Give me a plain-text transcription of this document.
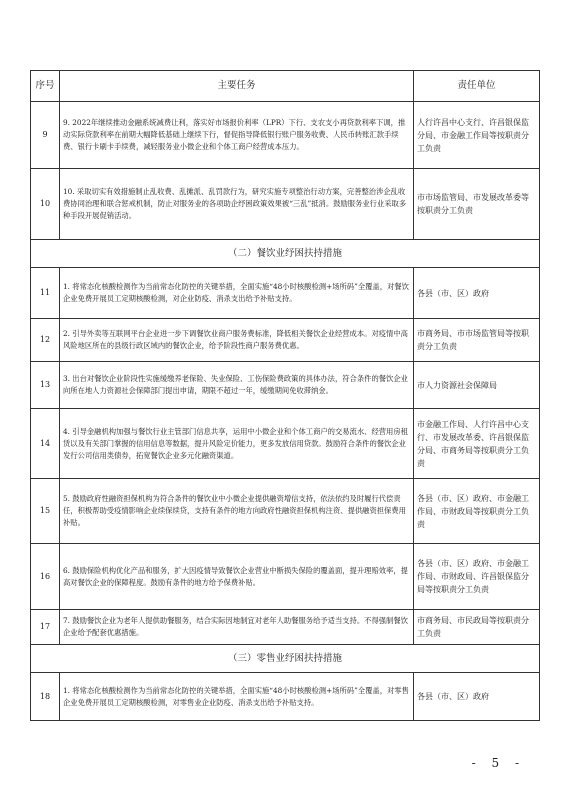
序号	主要任务	责任单位
9	9. 2022年继续推动金融系统减费让利，落实好市场报价利率（LPR）下行、支农支小再贷款利率下调，推动实际贷款利率在前期大幅降低基础上继续下行，督促指导降低银行账户服务收费、人民币转账汇款手续费、银行卡刷卡手续费，减轻服务业小微企业和个体工商户经营成本压力。	人行许昌中心支行、许昌银保监分局、市金融工作局等按职责分工负责
10	10. 采取切实有效措施制止乱收费、乱摊派、乱罚款行为，研究实施专项整治行动方案，完善整治涉企乱收费协同治理和联合惩戒机制，防止对服务业的各项助企纾困政策效果被“三乱”抵消。鼓励服务业行业采取多种手段开展促销活动。	市市场监管局、市发展改革委等按职责分工负责
（二）餐饮业纾困扶持措施		
11	1. 将常态化核酸检测作为当前常态化防控的关键举措，全面实施“48小时核酸检测+场所码”全覆盖，对餐饮企业免费开展员工定期核酸检测，对企业防疫、消杀支出给予补贴支持。	各县（市、区）政府
12	2. 引导外卖等互联网平台企业进一步下调餐饮业商户服务费标准，降低相关餐饮企业经营成本。对疫情中高风险地区所在的县级行政区域内的餐饮企业，给予阶段性商户服务费优惠。	市商务局、市市场监管局等按职责分工负责
13	3. 出台对餐饮企业阶段性实施缓缴养老保险、失业保险、工伤保险费政策的具体办法，符合条件的餐饮企业向所在地人力资源社会保障部门提出申请，期限不超过一年，缓缴期间免收滞纳金。	市人力资源社会保障局
14	4. 引导金融机构加强与餐饮行业主管部门信息共享，运用中小微企业和个体工商户的交易流水、经营用房租赁以及有关部门掌握的信用信息等数据，提升风险定价能力，更多发放信用贷款。鼓励符合条件的餐饮企业发行公司信用类债券，拓宽餐饮企业多元化融资渠道。	市金融工作局、人行许昌中心支行、市发展改革委、许昌银保监分局、市商务局等按职责分工负责
15	5. 鼓励政府性融资担保机构为符合条件的餐饮业中小微企业提供融资增信支持，依法依约及时履行代偿责任，积极帮助受疫情影响企业续保续贷，支持有条件的地方向政府性融资担保机构注资、提供融资担保费用补贴。	各县（市、区）政府、市金融工作局、市财政局等按职责分工负责
16	6. 鼓励保险机构优化产品和服务，扩大因疫情导致餐饮企业营业中断损失保险的覆盖面，提升理赔效率，提高对餐饮企业的保障程度。鼓励有条件的地方给予保费补贴。	各县（市、区）政府、市金融工作局、市财政局、许昌银保监分局等按职责分工负责
17	7. 鼓励餐饮企业为老年人提供助餐服务，结合实际因地制宜对老年人助餐服务给予适当支持。不得强制餐饮企业给予配套优惠措施。	市商务局、市民政局等按职责分工负责
（三）零售业纾困扶持措施		
18	1. 将常态化核酸检测作为当前常态化防控的关键举措，全面实施“48小时核酸检测+场所码”全覆盖，对零售企业免费开展员工定期核酸检测，对零售业企业防疫、消杀支出给予补贴支持。	各县（市、区）政府
- 5 -
